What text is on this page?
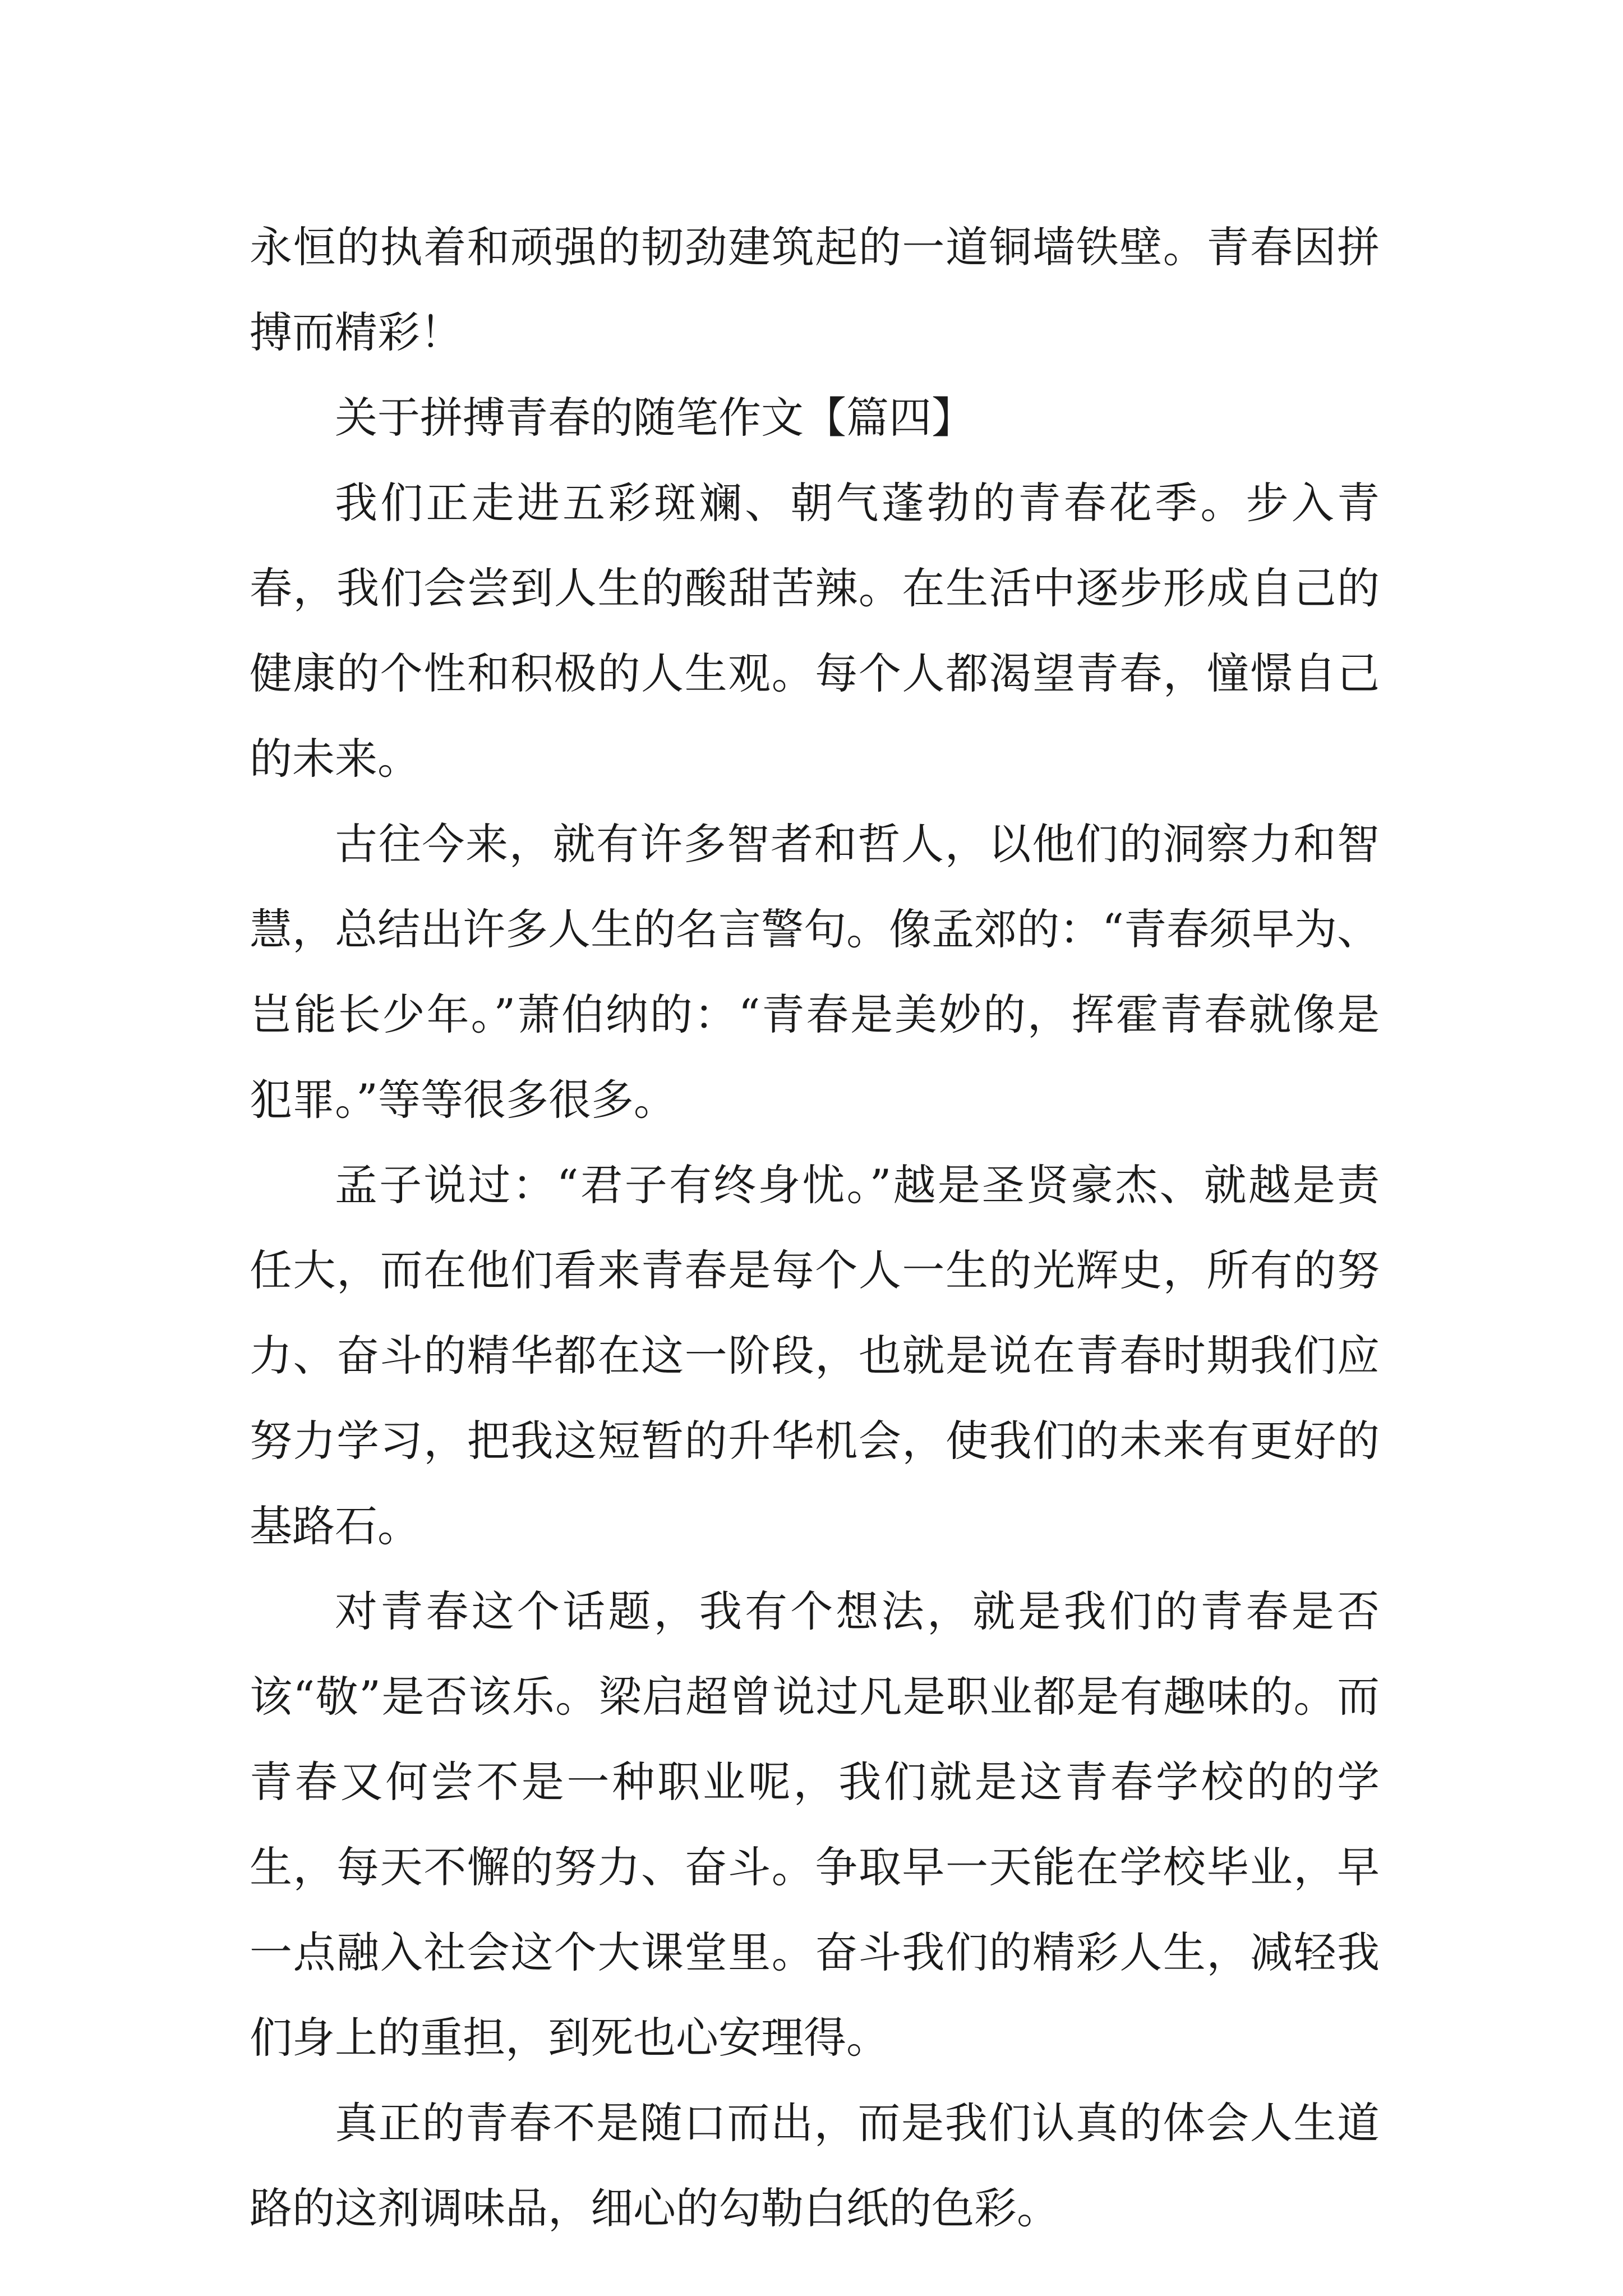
永恒的执着和顽强的韧劲建筑起的一道铜墙铁壁。青春因拼搏而精彩！

关于拼搏青春的随笔作文【篇四】

我们正走进五彩斑斓、朝气蓬勃的青春花季。步入青春，我们会尝到人生的酸甜苦辣。在生活中逐步形成自己的健康的个性和积极的人生观。每个人都渴望青春，憧憬自己的未来。

古往今来，就有许多智者和哲人，以他们的洞察力和智慧，总结出许多人生的名言警句。像孟郊的：“青春须早为、岂能长少年。”萧伯纳的：“青春是美妙的，挥霍青春就像是犯罪。”等等很多很多。

孟子说过：“君子有终身忧。”越是圣贤豪杰、就越是责任大，而在他们看来青春是每个人一生的光辉史，所有的努力、奋斗的精华都在这一阶段，也就是说在青春时期我们应努力学习，把我这短暂的升华机会，使我们的未来有更好的基路石。

对青春这个话题，我有个想法，就是我们的青春是否该“敬”是否该乐。梁启超曾说过凡是职业都是有趣味的。而青春又何尝不是一种职业呢，我们就是这青春学校的的学生，每天不懈的努力、奋斗。争取早一天能在学校毕业，早一点融入社会这个大课堂里。奋斗我们的精彩人生，减轻我们身上的重担，到死也心安理得。

真正的青春不是随口而出，而是我们认真的体会人生道路的这剂调味品，细心的勾勒白纸的色彩。
